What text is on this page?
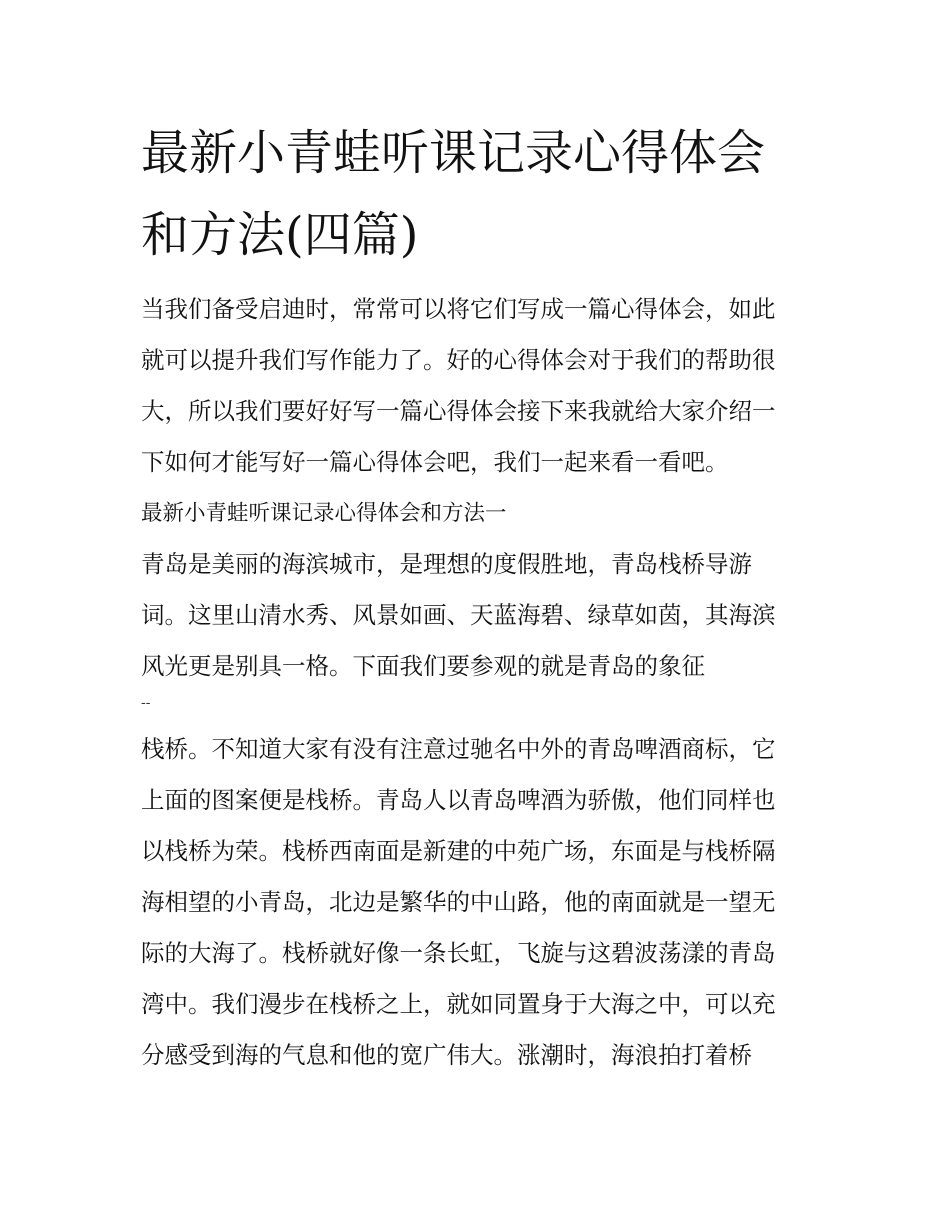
最新小青蛙听课记录心得体会
和方法(四篇)
当我们备受启迪时，常常可以将它们写成一篇心得体会，如此
就可以提升我们写作能力了。好的心得体会对于我们的帮助很
大，所以我们要好好写一篇心得体会接下来我就给大家介绍一
下如何才能写好一篇心得体会吧，我们一起来看一看吧。
最新小青蛙听课记录心得体会和方法一
青岛是美丽的海滨城市，是理想的度假胜地，青岛栈桥导游
词。这里山清水秀、风景如画、天蓝海碧、绿草如茵，其海滨
风光更是别具一格。下面我们要参观的就是青岛的象征
--
栈桥。不知道大家有没有注意过驰名中外的青岛啤酒商标，它
上面的图案便是栈桥。青岛人以青岛啤酒为骄傲，他们同样也
以栈桥为荣。栈桥西南面是新建的中苑广场，东面是与栈桥隔
海相望的小青岛，北边是繁华的中山路，他的南面就是一望无
际的大海了。栈桥就好像一条长虹，飞旋与这碧波荡漾的青岛
湾中。我们漫步在栈桥之上，就如同置身于大海之中，可以充
分感受到海的气息和他的宽广伟大。涨潮时，海浪拍打着桥
